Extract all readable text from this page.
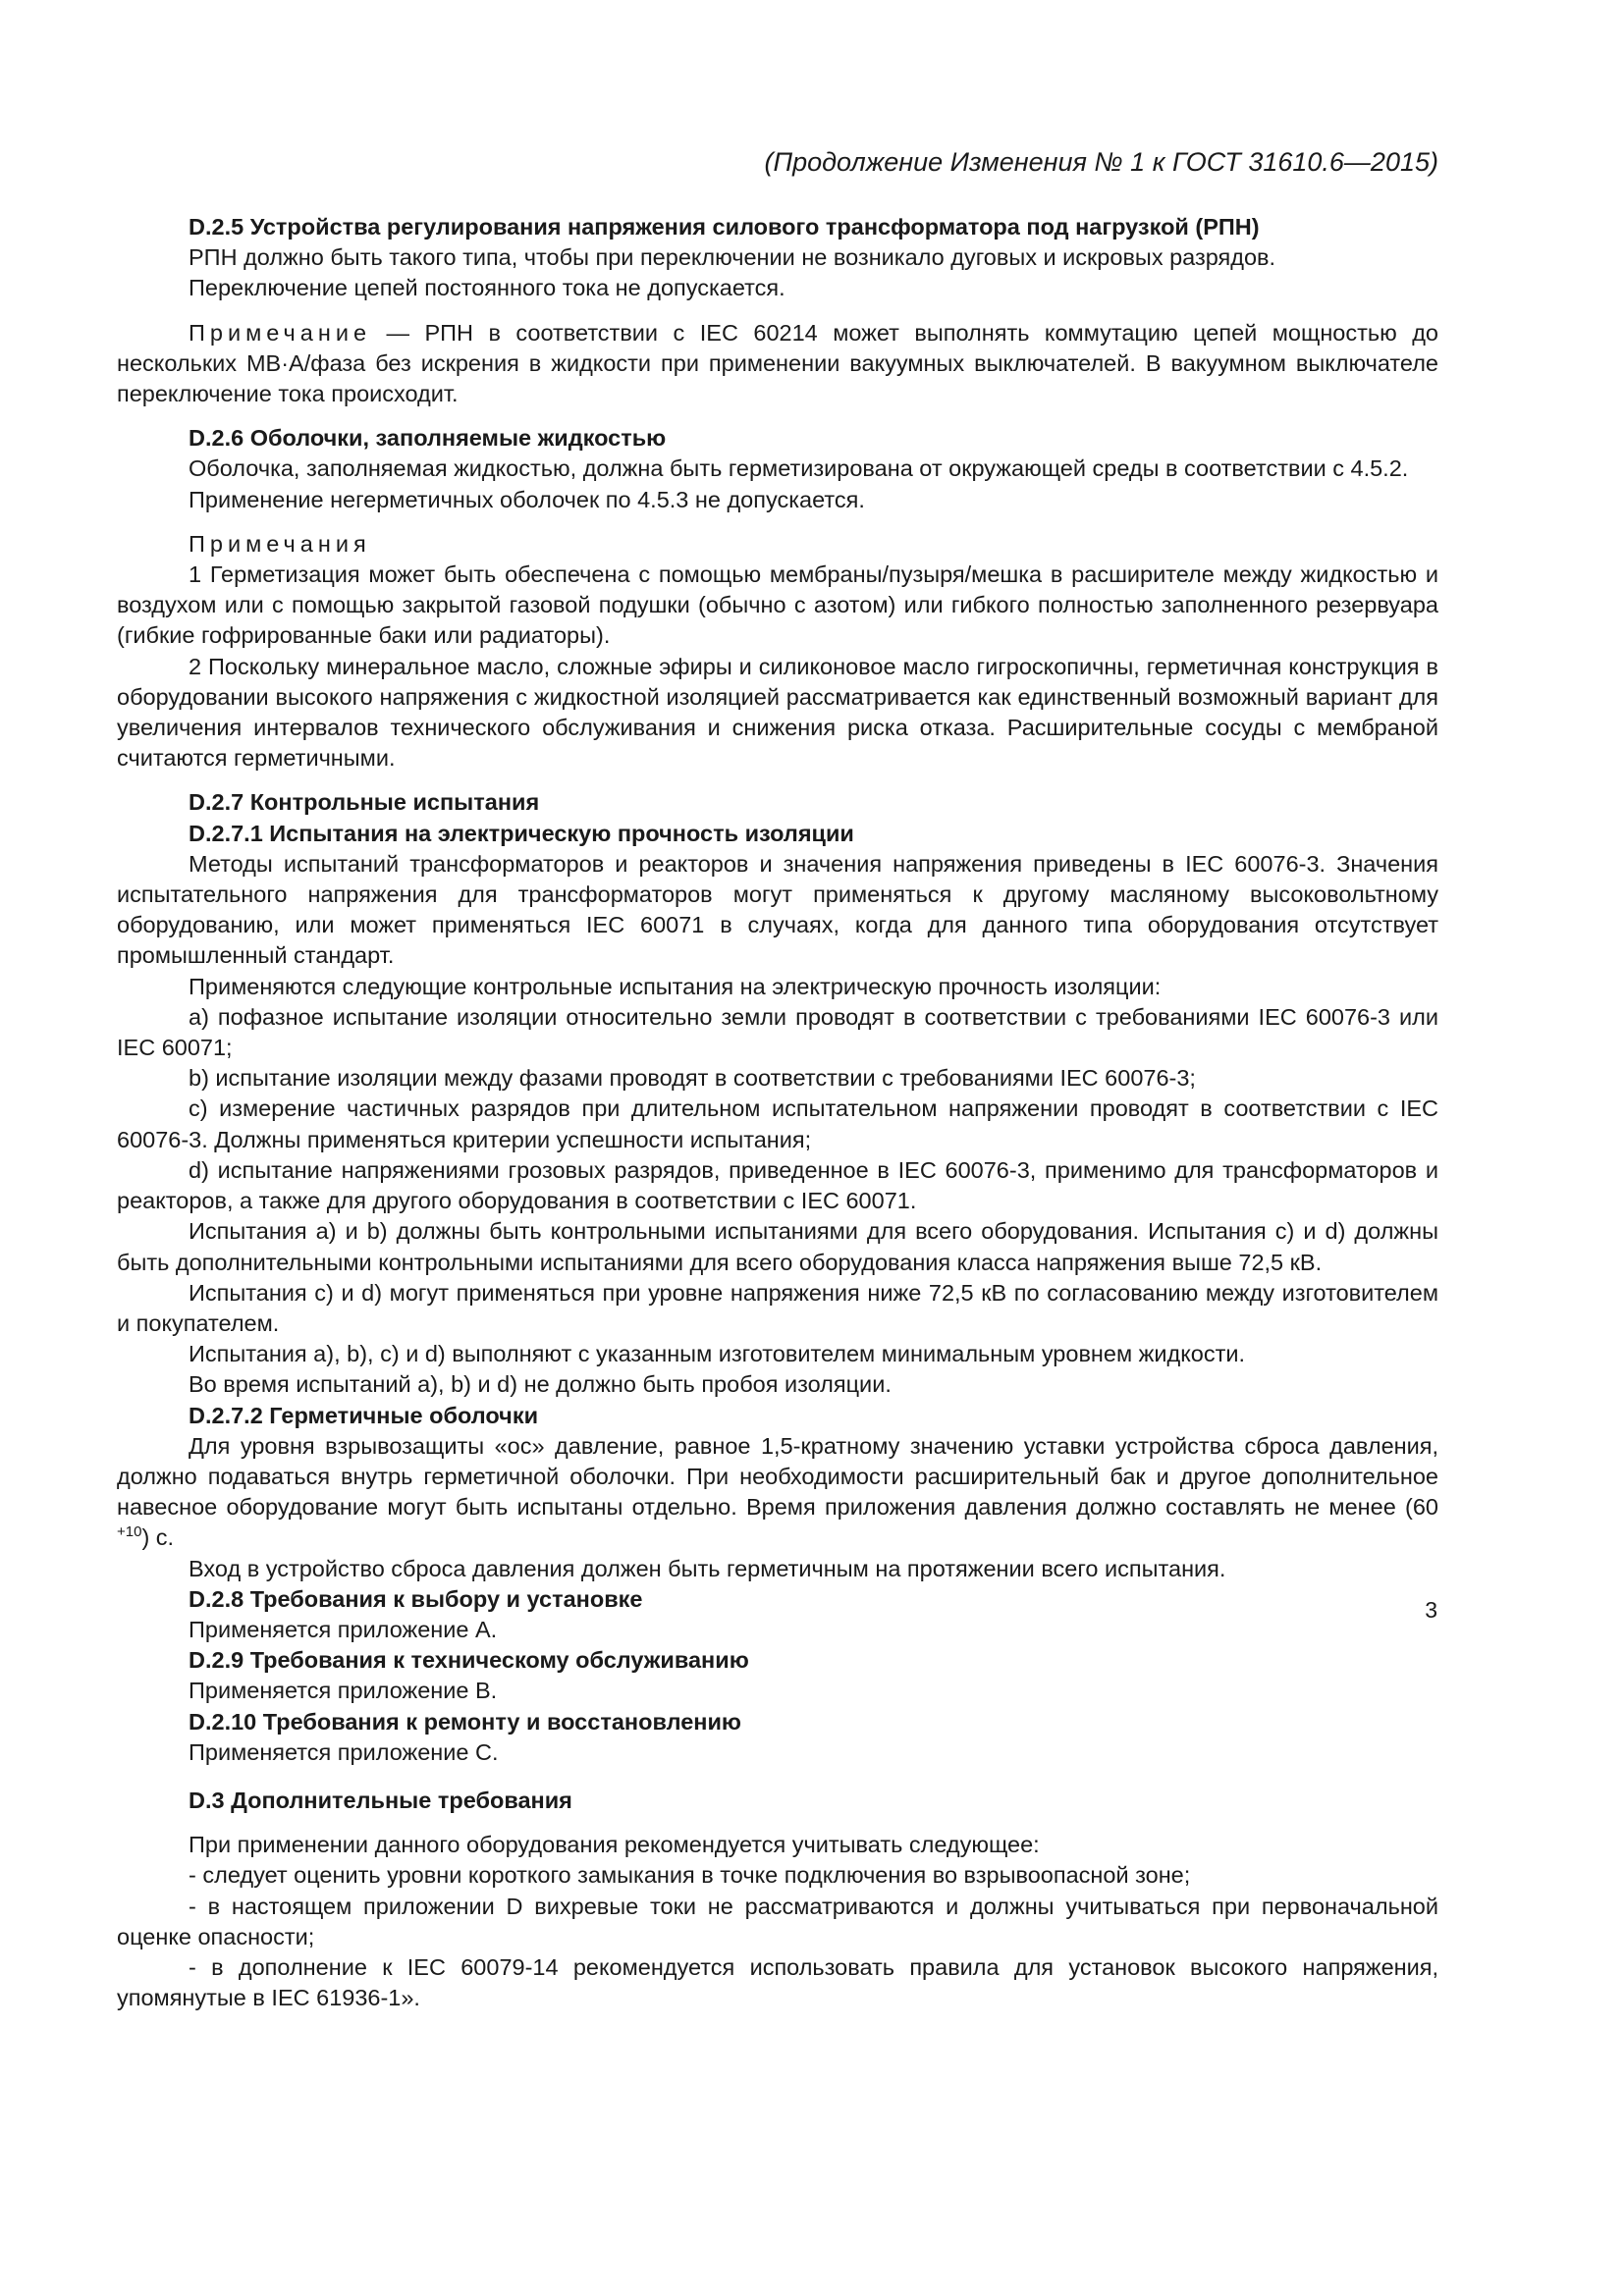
(Продолжение Изменения № 1 к ГОСТ 31610.6—2015)

D.2.5 Устройства регулирования напряжения силового трансформатора под нагрузкой (РПН)

РПН должно быть такого типа, чтобы при переключении не возникало дуговых и искровых разрядов.

Переключение цепей постоянного тока не допускается.

Примечание — РПН в соответствии с IEC 60214 может выполнять коммутацию цепей мощностью до нескольких МВ·А/фаза без искрения в жидкости при применении вакуумных выключателей. В вакуумном выключателе переключение тока происходит.

D.2.6 Оболочки, заполняемые жидкостью

Оболочка, заполняемая жидкостью, должна быть герметизирована от окружающей среды в соответствии с 4.5.2.

Применение негерметичных оболочек по 4.5.3 не допускается.

Примечания

1 Герметизация может быть обеспечена с помощью мембраны/пузыря/мешка в расширителе между жидкостью и воздухом или с помощью закрытой газовой подушки (обычно с азотом) или гибкого полностью заполненного резервуара (гибкие гофрированные баки или радиаторы).

2 Поскольку минеральное масло, сложные эфиры и силиконовое масло гигроскопичны, герметичная конструкция в оборудовании высокого напряжения с жидкостной изоляцией рассматривается как единственный возможный вариант для увеличения интервалов технического обслуживания и снижения риска отказа. Расширительные сосуды с мембраной считаются герметичными.

D.2.7 Контрольные испытания

D.2.7.1 Испытания на электрическую прочность изоляции

Методы испытаний трансформаторов и реакторов и значения напряжения приведены в IEC 60076-3. Значения испытательного напряжения для трансформаторов могут применяться к другому масляному высоковольтному оборудованию, или может применяться IEC 60071 в случаях, когда для данного типа оборудования отсутствует промышленный стандарт.

Применяются следующие контрольные испытания на электрическую прочность изоляции:

a) пофазное испытание изоляции относительно земли проводят в соответствии с требованиями IEC 60076-3 или IEC 60071;

b) испытание изоляции между фазами проводят в соответствии с требованиями IEC 60076-3;

c) измерение частичных разрядов при длительном испытательном напряжении проводят в соответствии с IEC 60076-3. Должны применяться критерии успешности испытания;

d) испытание напряжениями грозовых разрядов, приведенное в IEC 60076-3, применимо для трансформаторов и реакторов, а также для другого оборудования в соответствии с IEC 60071.

Испытания a) и b) должны быть контрольными испытаниями для всего оборудования. Испытания c) и d) должны быть дополнительными контрольными испытаниями для всего оборудования класса напряжения выше 72,5 кВ.

Испытания c) и d) могут применяться при уровне напряжения ниже 72,5 кВ по согласованию между изготовителем и покупателем.

Испытания a), b), c) и d) выполняют с указанным изготовителем минимальным уровнем жидкости.

Во время испытаний a), b) и d) не должно быть пробоя изоляции.

D.2.7.2 Герметичные оболочки

Для уровня взрывозащиты «ос» давление, равное 1,5-кратному значению уставки устройства сброса давления, должно подаваться внутрь герметичной оболочки. При необходимости расширительный бак и другое дополнительное навесное оборудование могут быть испытаны отдельно. Время приложения давления должно составлять не менее (60 $^{+10}$) с.

Вход в устройство сброса давления должен быть герметичным на протяжении всего испытания.

D.2.8 Требования к выбору и установке

Применяется приложение А.

D.2.9 Требования к техническому обслуживанию

Применяется приложение В.

D.2.10 Требования к ремонту и восстановлению

Применяется приложение С.

D.3 Дополнительные требования

При применении данного оборудования рекомендуется учитывать следующее:

- следует оценить уровни короткого замыкания в точке подключения во взрывоопасной зоне;

- в настоящем приложении D вихревые токи не рассматриваются и должны учитываться при первоначальной оценке опасности;

- в дополнение к IEC 60079-14 рекомендуется использовать правила для установок высокого напряжения, упомянутые в IEC 61936-1».

3
